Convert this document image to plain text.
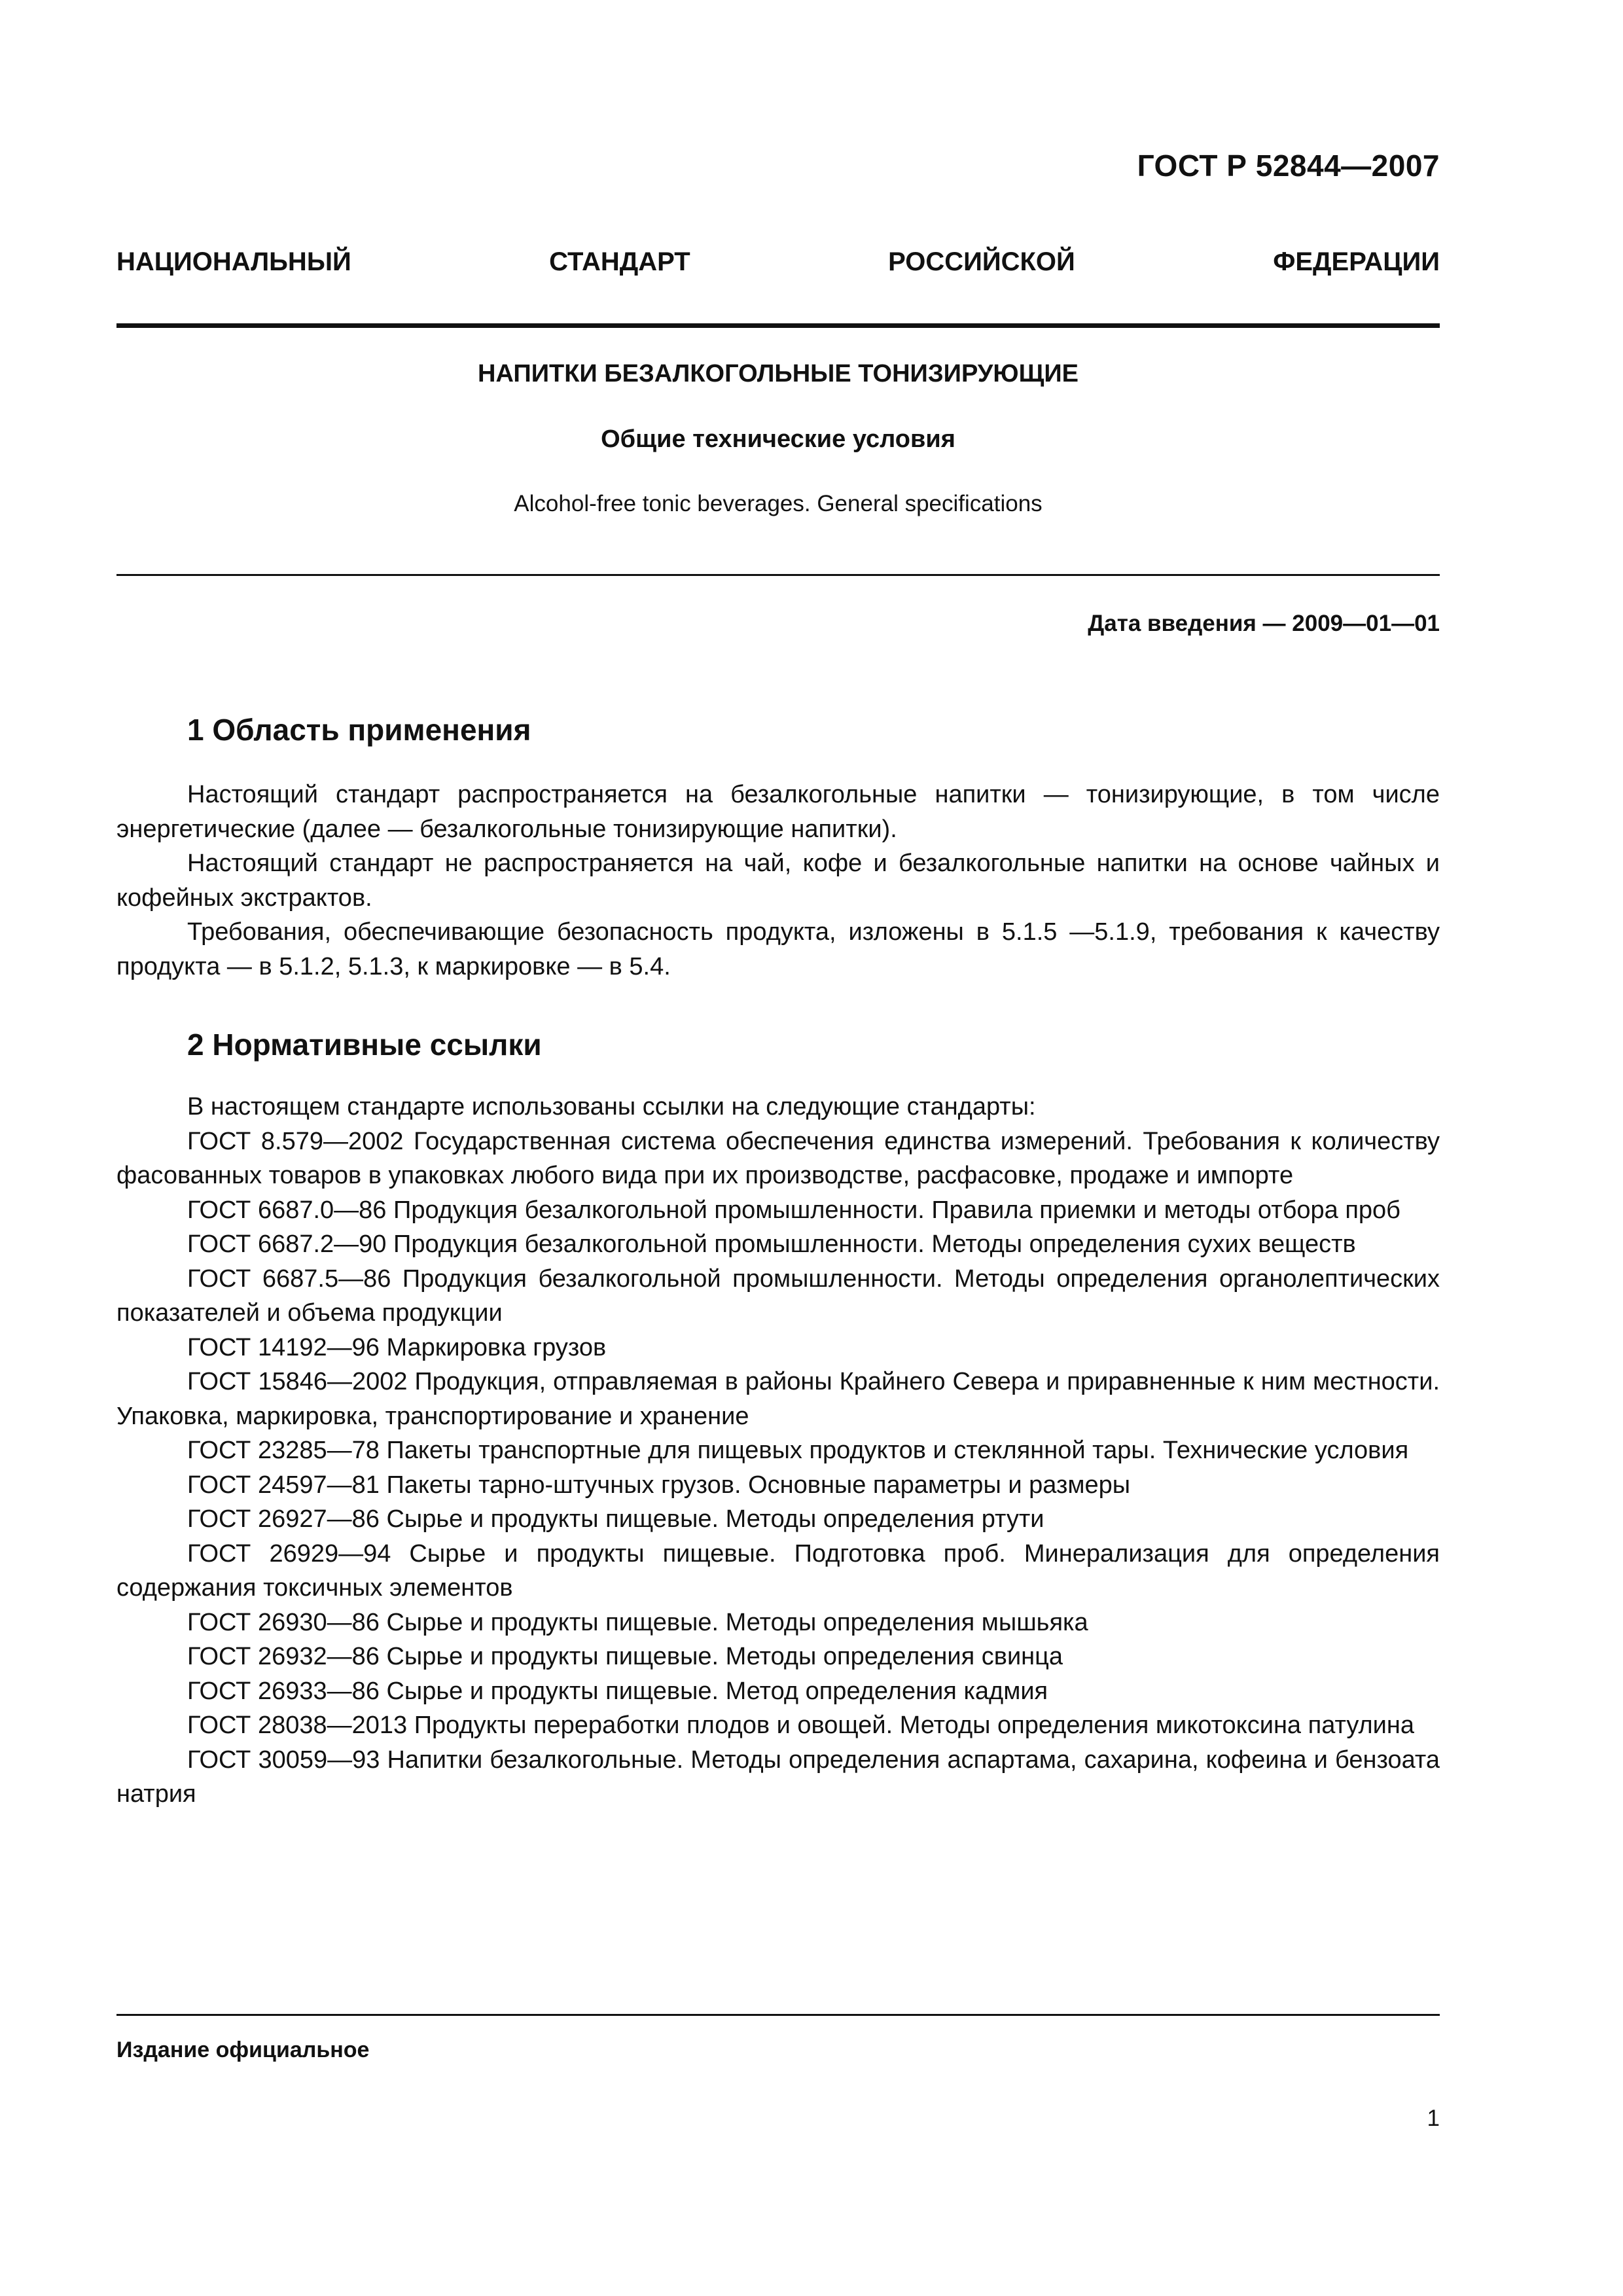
ГОСТ Р 52844—2007
НАЦИОНАЛЬНЫЙ	СТАНДАРТ	РОССИЙСКОЙ	ФЕДЕРАЦИИ
НАПИТКИ БЕЗАЛКОГОЛЬНЫЕ ТОНИЗИРУЮЩИЕ
Общие технические условия
Alcohol-free tonic beverages. General specifications
Дата введения — 2009—01—01
1 Область применения

Настоящий стандарт распространяется на безалкогольные напитки — тонизирующие, в том числе энергетические (далее — безалкогольные тонизирующие напитки).

Настоящий стандарт не распространяется на чай, кофе и безалкогольные напитки на основе чайных и кофейных экстрактов.

Требования, обеспечивающие безопасность продукта, изложены в 5.1.5 —5.1.9, требования к качеству продукта — в 5.1.2, 5.1.3, к маркировке — в 5.4.

2 Нормативные ссылки

В настоящем стандарте использованы ссылки на следующие стандарты:

ГОСТ 8.579—2002 Государственная система обеспечения единства измерений. Требования к количеству фасованных товаров в упаковках любого вида при их производстве, расфасовке, продаже и импорте

ГОСТ 6687.0—86 Продукция безалкогольной промышленности. Правила приемки и методы отбора проб

ГОСТ 6687.2—90 Продукция безалкогольной промышленности. Методы определения сухих веществ

ГОСТ 6687.5—86 Продукция безалкогольной промышленности. Методы определения органолептических показателей и объема продукции

ГОСТ 14192—96 Маркировка грузов

ГОСТ 15846—2002 Продукция, отправляемая в районы Крайнего Севера и приравненные к ним местности. Упаковка, маркировка, транспортирование и хранение

ГОСТ 23285—78 Пакеты транспортные для пищевых продуктов и стеклянной тары. Технические условия

ГОСТ 24597—81 Пакеты тарно-штучных грузов. Основные параметры и размеры

ГОСТ 26927—86 Сырье и продукты пищевые. Методы определения ртути

ГОСТ 26929—94 Сырье и продукты пищевые. Подготовка проб. Минерализация для определения содержания токсичных элементов

ГОСТ 26930—86 Сырье и продукты пищевые. Методы определения мышьяка

ГОСТ 26932—86 Сырье и продукты пищевые. Методы определения свинца

ГОСТ 26933—86 Сырье и продукты пищевые. Метод определения кадмия

ГОСТ 28038—2013 Продукты переработки плодов и овощей. Методы определения микотоксина патулина

ГОСТ 30059—93 Напитки безалкогольные. Методы определения аспартама, сахарина, кофеина и бензоата натрия

Издание официальное
1
